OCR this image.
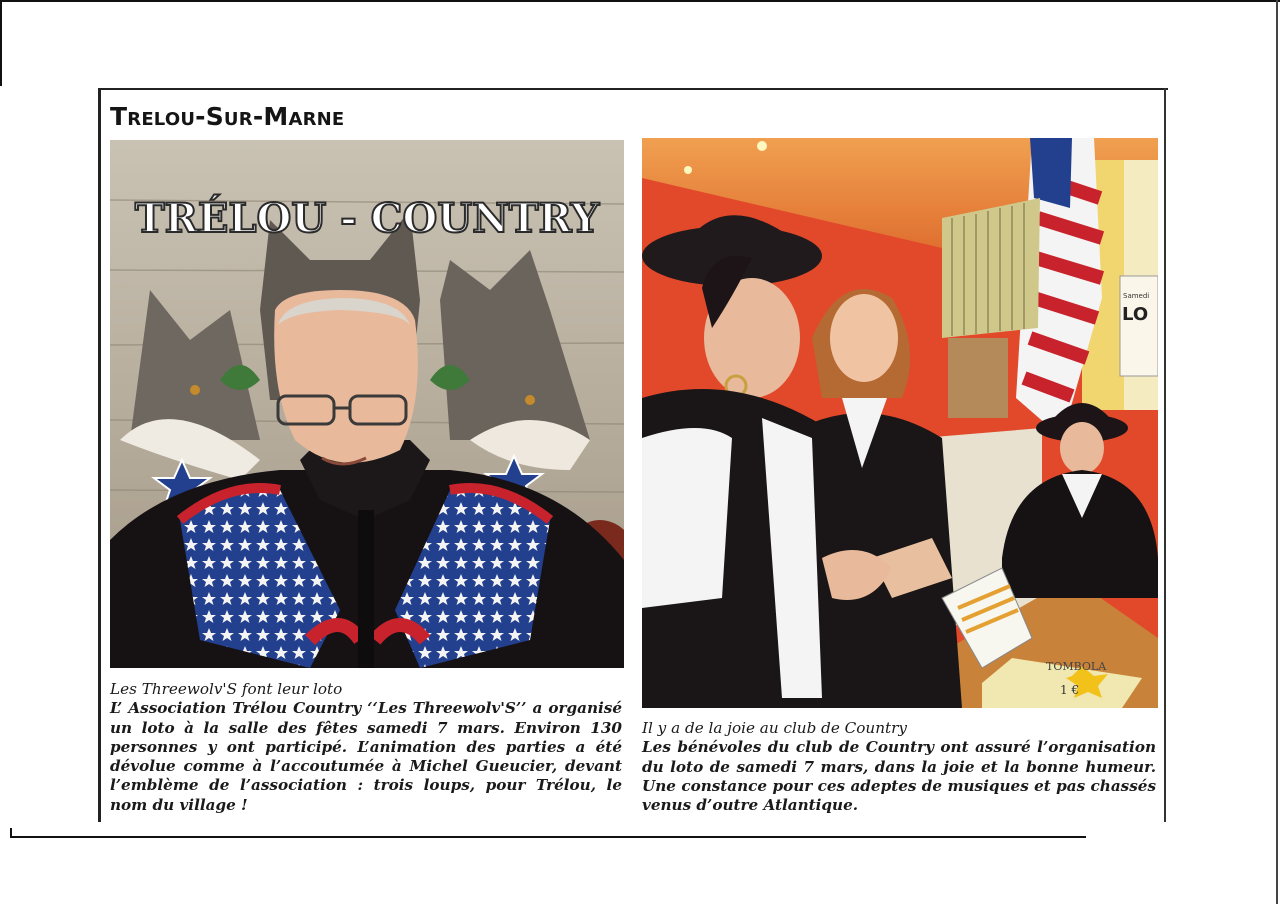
Trelou-Sur-Marne
TRÉLOU - COUNTRY
Samedi
LO
TOMBOLA
1 €
Les Threewolv'S font leur loto
L’ Association Trélou Country ‘‘Les Threewolv'S’’ a organisé un loto à la salle des fêtes samedi 7 mars. Environ 130 personnes y ont participé. L’animation des parties a été dévolue comme à l’accoutumée à Michel Gueucier, devant l’emblème de l’association : trois loups, pour Trélou, le nom du village !
Il y a de la joie au club de Country
Les bénévoles du club de Country ont assuré l’organisation du loto de samedi 7 mars, dans la joie et la bonne humeur. Une constance pour ces adeptes de musiques et pas chassés venus d’outre Atlantique.
